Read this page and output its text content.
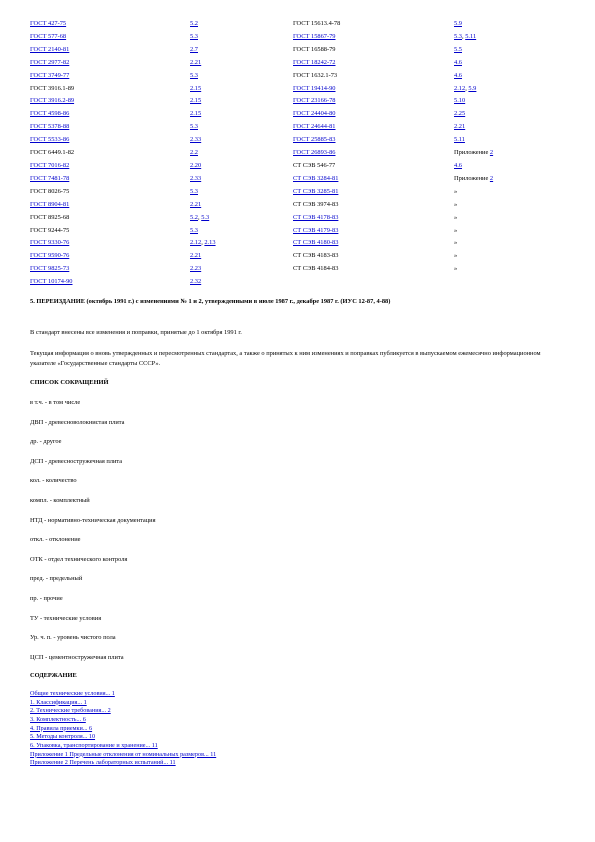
ГОСТ 427-75	5.2	ГОСТ 15613.4-78	5.9
ГОСТ 577-68	5.3	ГОСТ 15867-79	5.3, 5.11
ГОСТ 2140-81	2.7	ГОСТ 16588-79	5.5
ГОСТ 2977-82	2.21	ГОСТ 18242-72	4.6
ГОСТ 3749-77	5.3	ГОСТ 1632.1-73	4.6
ГОСТ 3916.1-89	2.15	ГОСТ 19414-90	2.12, 5.9
ГОСТ 3916.2-89	2.15	ГОСТ 23166-78	5.10
ГОСТ 4598-86	2.15	ГОСТ 24404-80	2.25
ГОСТ 5378-88	5.3	ГОСТ 24644-81	2.21
ГОСТ 5533-86	2.33	ГОСТ 25885-83	5.11
ГОСТ 6449.1-82	2.2	ГОСТ 26893-86	Приложение 2
ГОСТ 7016-82	2.20	СТ СЭВ 546-77	4.6
ГОСТ 7481-78	2.33	СТ СЭВ 3284-81	Приложение 2
ГОСТ 8026-75	5.3	СТ СЭВ 3285-81	»
ГОСТ 8904-81	2.21	СТ СЭВ 3974-83	»
ГОСТ 8925-68	5.2, 5.3	СТ СЭВ 4178-83	»
ГОСТ 9244-75	5.3	СТ СЭВ 4179-83	»
ГОСТ 9330-76	2.12, 2.13	СТ СЭВ 4180-83	»
ГОСТ 9590-76	2.21	СТ СЭВ 4183-83	»
ГОСТ 9825-73	2.23	СТ СЭВ 4184-83	»
ГОСТ 10174-90	2.32		

5. ПЕРЕИЗДАНИЕ (октябрь 1991 г.) с изменениями № 1 и 2, утвержденными в июле 1987 г., декабре 1987 г. (ИУС 12-87, 4-88)

В стандарт внесены все изменения и поправки, принятые до 1 октября 1991 г.

Текущая информация о вновь утвержденных и пересмотренных стандартах, а также о принятых к ним изменениях и поправках публикуется в выпускаемом ежемесячно информационном указателе «Государственные стандарты СССР».

СПИСОК СОКРАЩЕНИЙ

в т.ч. - в том числе

ДВП - древесноволокнистая плита

др. - другое

ДСП - древесностружечная плита

кол. - количество

компл. - комплектный

НТД - нормативно-техническая документация

откл. - отклонение

ОТК - отдел технического контроля

пред. - предельный

пр. - прочие

ТУ - технические условия

Ур. ч. п. - уровень чистого пола

ЦСП - цементностружечная плита

СОДЕРЖАНИЕ

Общие технические условия... 1
1. Классификация... 1
2. Технические требования... 2
3. Комплектность... 6
4. Правила приемки... 6
5. Методы контроля... 10
6. Упаковка, транспортирование и хранение... 11
Приложение 1 Предельные отклонения от номинальных размеров... 11
Приложение 2 Перечень лабораторных испытаний... 11
